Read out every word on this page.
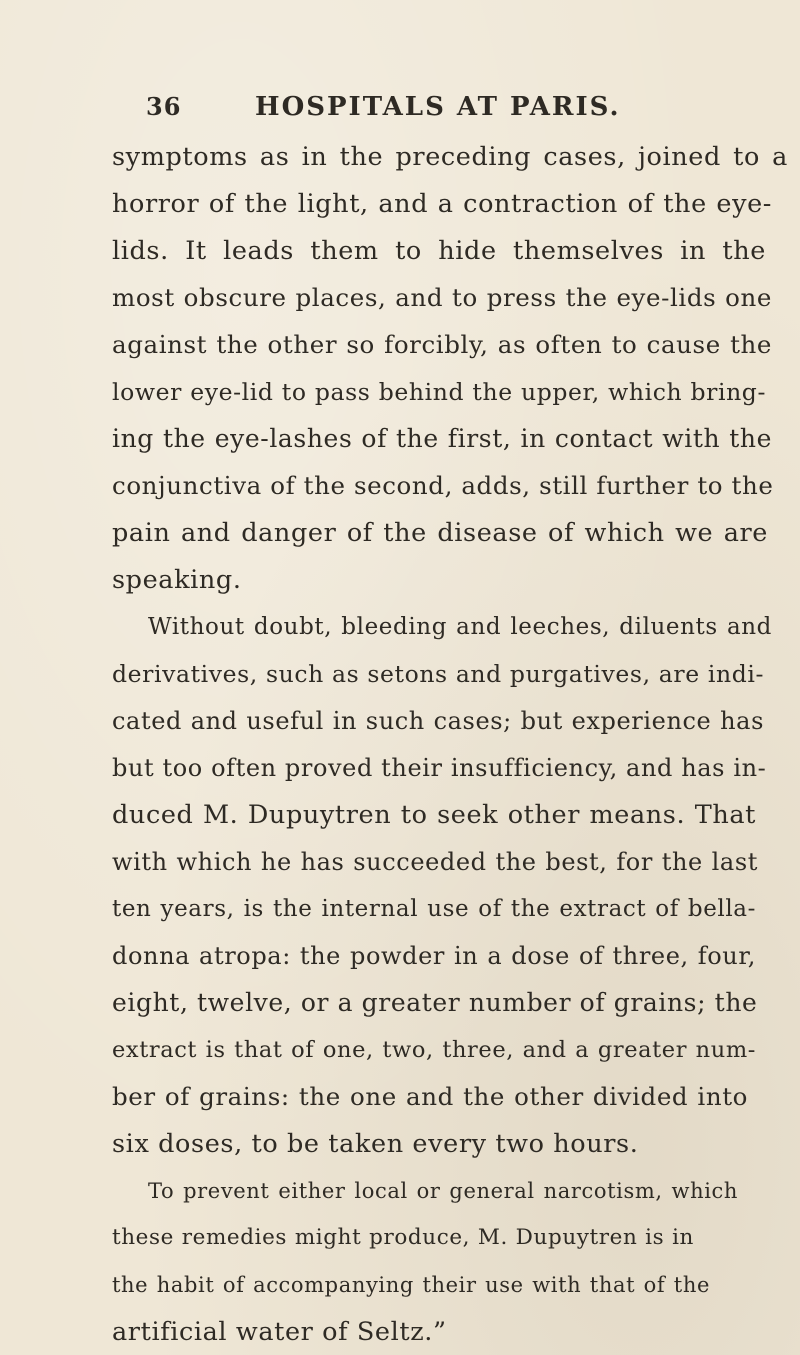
36	HOSPITALS AT PARIS.
symptoms as in the preceding cases, joined to a
horror of the light, and a contraction of the eye-
lids. It leads them to hide themselves in the
most obscure places, and to press the eye-lids one
against the other so forcibly, as often to cause the
lower eye-lid to pass behind the upper, which bring-
ing the eye-lashes of the first, in contact with the
conjunctiva of the second, adds, still further to the
pain and danger of the disease of which we are
speaking.
Without doubt, bleeding and leeches, diluents and
derivatives, such as setons and purgatives, are indi-
cated and useful in such cases; but experience has
but too often proved their insufficiency, and has in-
duced M. Dupuytren to seek other means. That
with which he has succeeded the best, for the last
ten years, is the internal use of the extract of bella-
donna atropa: the powder in a dose of three, four,
eight, twelve, or a greater number of grains; the
extract is that of one, two, three, and a greater num-
ber of grains: the one and the other divided into
six doses, to be taken every two hours.
To prevent either local or general narcotism, which
these remedies might produce, M. Dupuytren is in
the habit of accompanying their use with that of the
artificial water of Seltz.”
